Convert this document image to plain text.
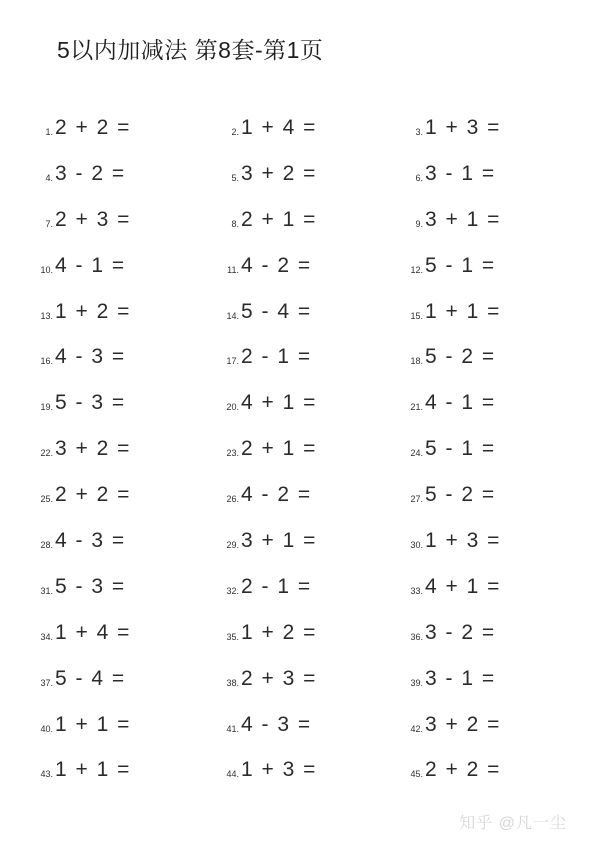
5以内加减法 第8套-第1页
1. 2 + 2 =	2. 1 + 4 =	3. 1 + 3 =
4. 3 - 2 =	5. 3 + 2 =	6. 3 - 1 =
7. 2 + 3 =	8. 2 + 1 =	9. 3 + 1 =
10. 4 - 1 =	11. 4 - 2 =	12. 5 - 1 =
13. 1 + 2 =	14. 5 - 4 =	15. 1 + 1 =
16. 4 - 3 =	17. 2 - 1 =	18. 5 - 2 =
19. 5 - 3 =	20. 4 + 1 =	21. 4 - 1 =
22. 3 + 2 =	23. 2 + 1 =	24. 5 - 1 =
25. 2 + 2 =	26. 4 - 2 =	27. 5 - 2 =
28. 4 - 3 =	29. 3 + 1 =	30. 1 + 3 =
31. 5 - 3 =	32. 2 - 1 =	33. 4 + 1 =
34. 1 + 4 =	35. 1 + 2 =	36. 3 - 2 =
37. 5 - 4 =	38. 2 + 3 =	39. 3 - 1 =
40. 1 + 1 =	41. 4 - 3 =	42. 3 + 2 =
43. 1 + 1 =	44. 1 + 3 =	45. 2 + 2 =
知乎 @凡一尘
